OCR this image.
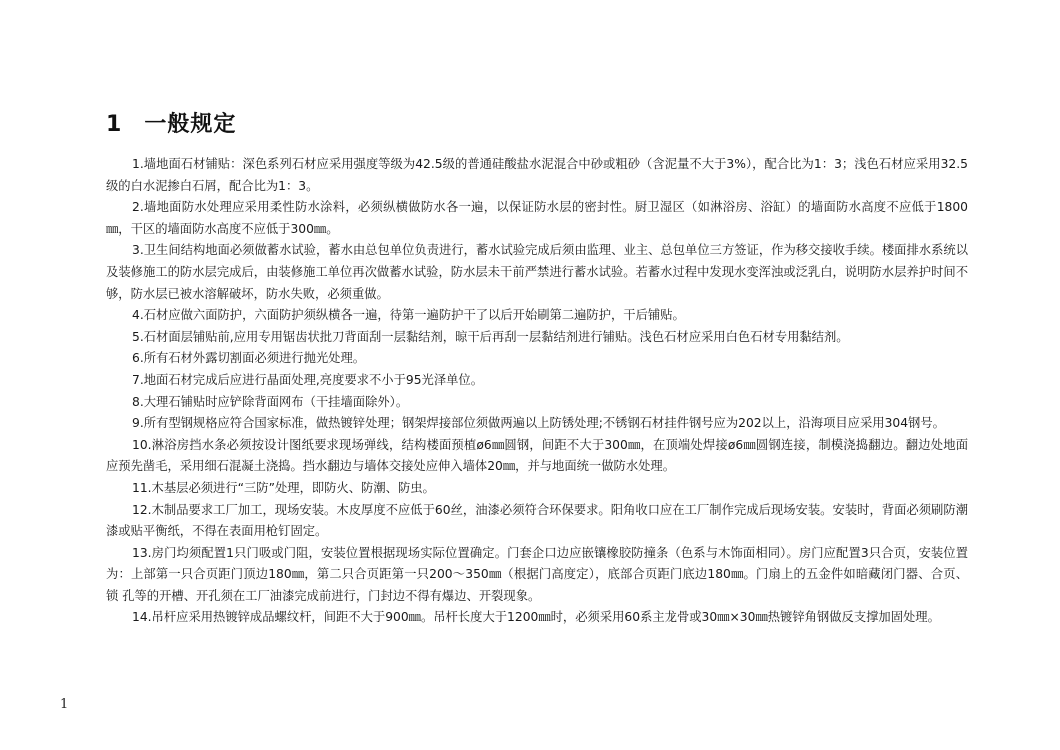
1 一般规定

1.墙地面石材铺贴：深色系列石材应采用强度等级为42.5级的普通硅酸盐水泥混合中砂或粗砂（含泥量不大于3%），配合比为1：3；浅色石材应采用32.5级的白水泥掺白石屑，配合比为1：3。

2.墙地面防水处理应采用柔性防水涂料，必须纵横做防水各一遍，以保证防水层的密封性。厨卫湿区（如淋浴房、浴缸）的墙面防水高度不应低于1800㎜，干区的墙面防水高度不应低于300㎜。

3.卫生间结构地面必须做蓄水试验，蓄水由总包单位负责进行，蓄水试验完成后须由监理、业主、总包单位三方签证，作为移交接收手续。楼面排水系统以及装修施工的防水层完成后，由装修施工单位再次做蓄水试验，防水层未干前严禁进行蓄水试验。若蓄水过程中发现水变浑浊或泛乳白，说明防水层养护时间不够，防水层已被水溶解破坏，防水失败，必须重做。

4.石材应做六面防护，六面防护须纵横各一遍，待第一遍防护干了以后开始刷第二遍防护，干后铺贴。

5.石材面层铺贴前,应用专用锯齿状批刀背面刮一层黏结剂，晾干后再刮一层黏结剂进行铺贴。浅色石材应采用白色石材专用黏结剂。

6.所有石材外露切割面必须进行抛光处理。

7.地面石材完成后应进行晶面处理,亮度要求不小于95光泽单位。

8.大理石铺贴时应铲除背面网布（干挂墙面除外）。

9.所有型钢规格应符合国家标准，做热镀锌处理；钢架焊接部位须做两遍以上防锈处理;不锈钢石材挂件钢号应为202以上，沿海项目应采用304钢号。

10.淋浴房挡水条必须按设计图纸要求现场弹线，结构楼面预植ø6㎜圆钢，间距不大于300㎜，在顶端处焊接ø6㎜圆钢连接，制模浇捣翻边。翻边处地面应预先凿毛，采用细石混凝土浇捣。挡水翻边与墙体交接处应伸入墙体20㎜，并与地面统一做防水处理。

11.木基层必须进行“三防”处理，即防火、防潮、防虫。

12.木制品要求工厂加工，现场安装。木皮厚度不应低于60丝，油漆必须符合环保要求。阳角收口应在工厂制作完成后现场安装。安装时，背面必须刷防潮漆或贴平衡纸，不得在表面用枪钉固定。

13.房门均须配置1只门吸或门阻，安装位置根据现场实际位置确定。门套企口边应嵌镶橡胶防撞条（色系与木饰面相同）。房门应配置3只合页，安装位置为：上部第一只合页距门顶边180㎜，第二只合页距第一只200～350㎜（根据门高度定），底部合页距门底边180㎜。门扇上的五金件如暗藏闭门器、合页、锁 孔等的开槽、开孔须在工厂油漆完成前进行，门封边不得有爆边、开裂现象。

14.吊杆应采用热镀锌成品螺纹杆，间距不大于900㎜。吊杆长度大于1200㎜时，必须采用60系主龙骨或30㎜×30㎜热镀锌角钢做反支撑加固处理。

1
